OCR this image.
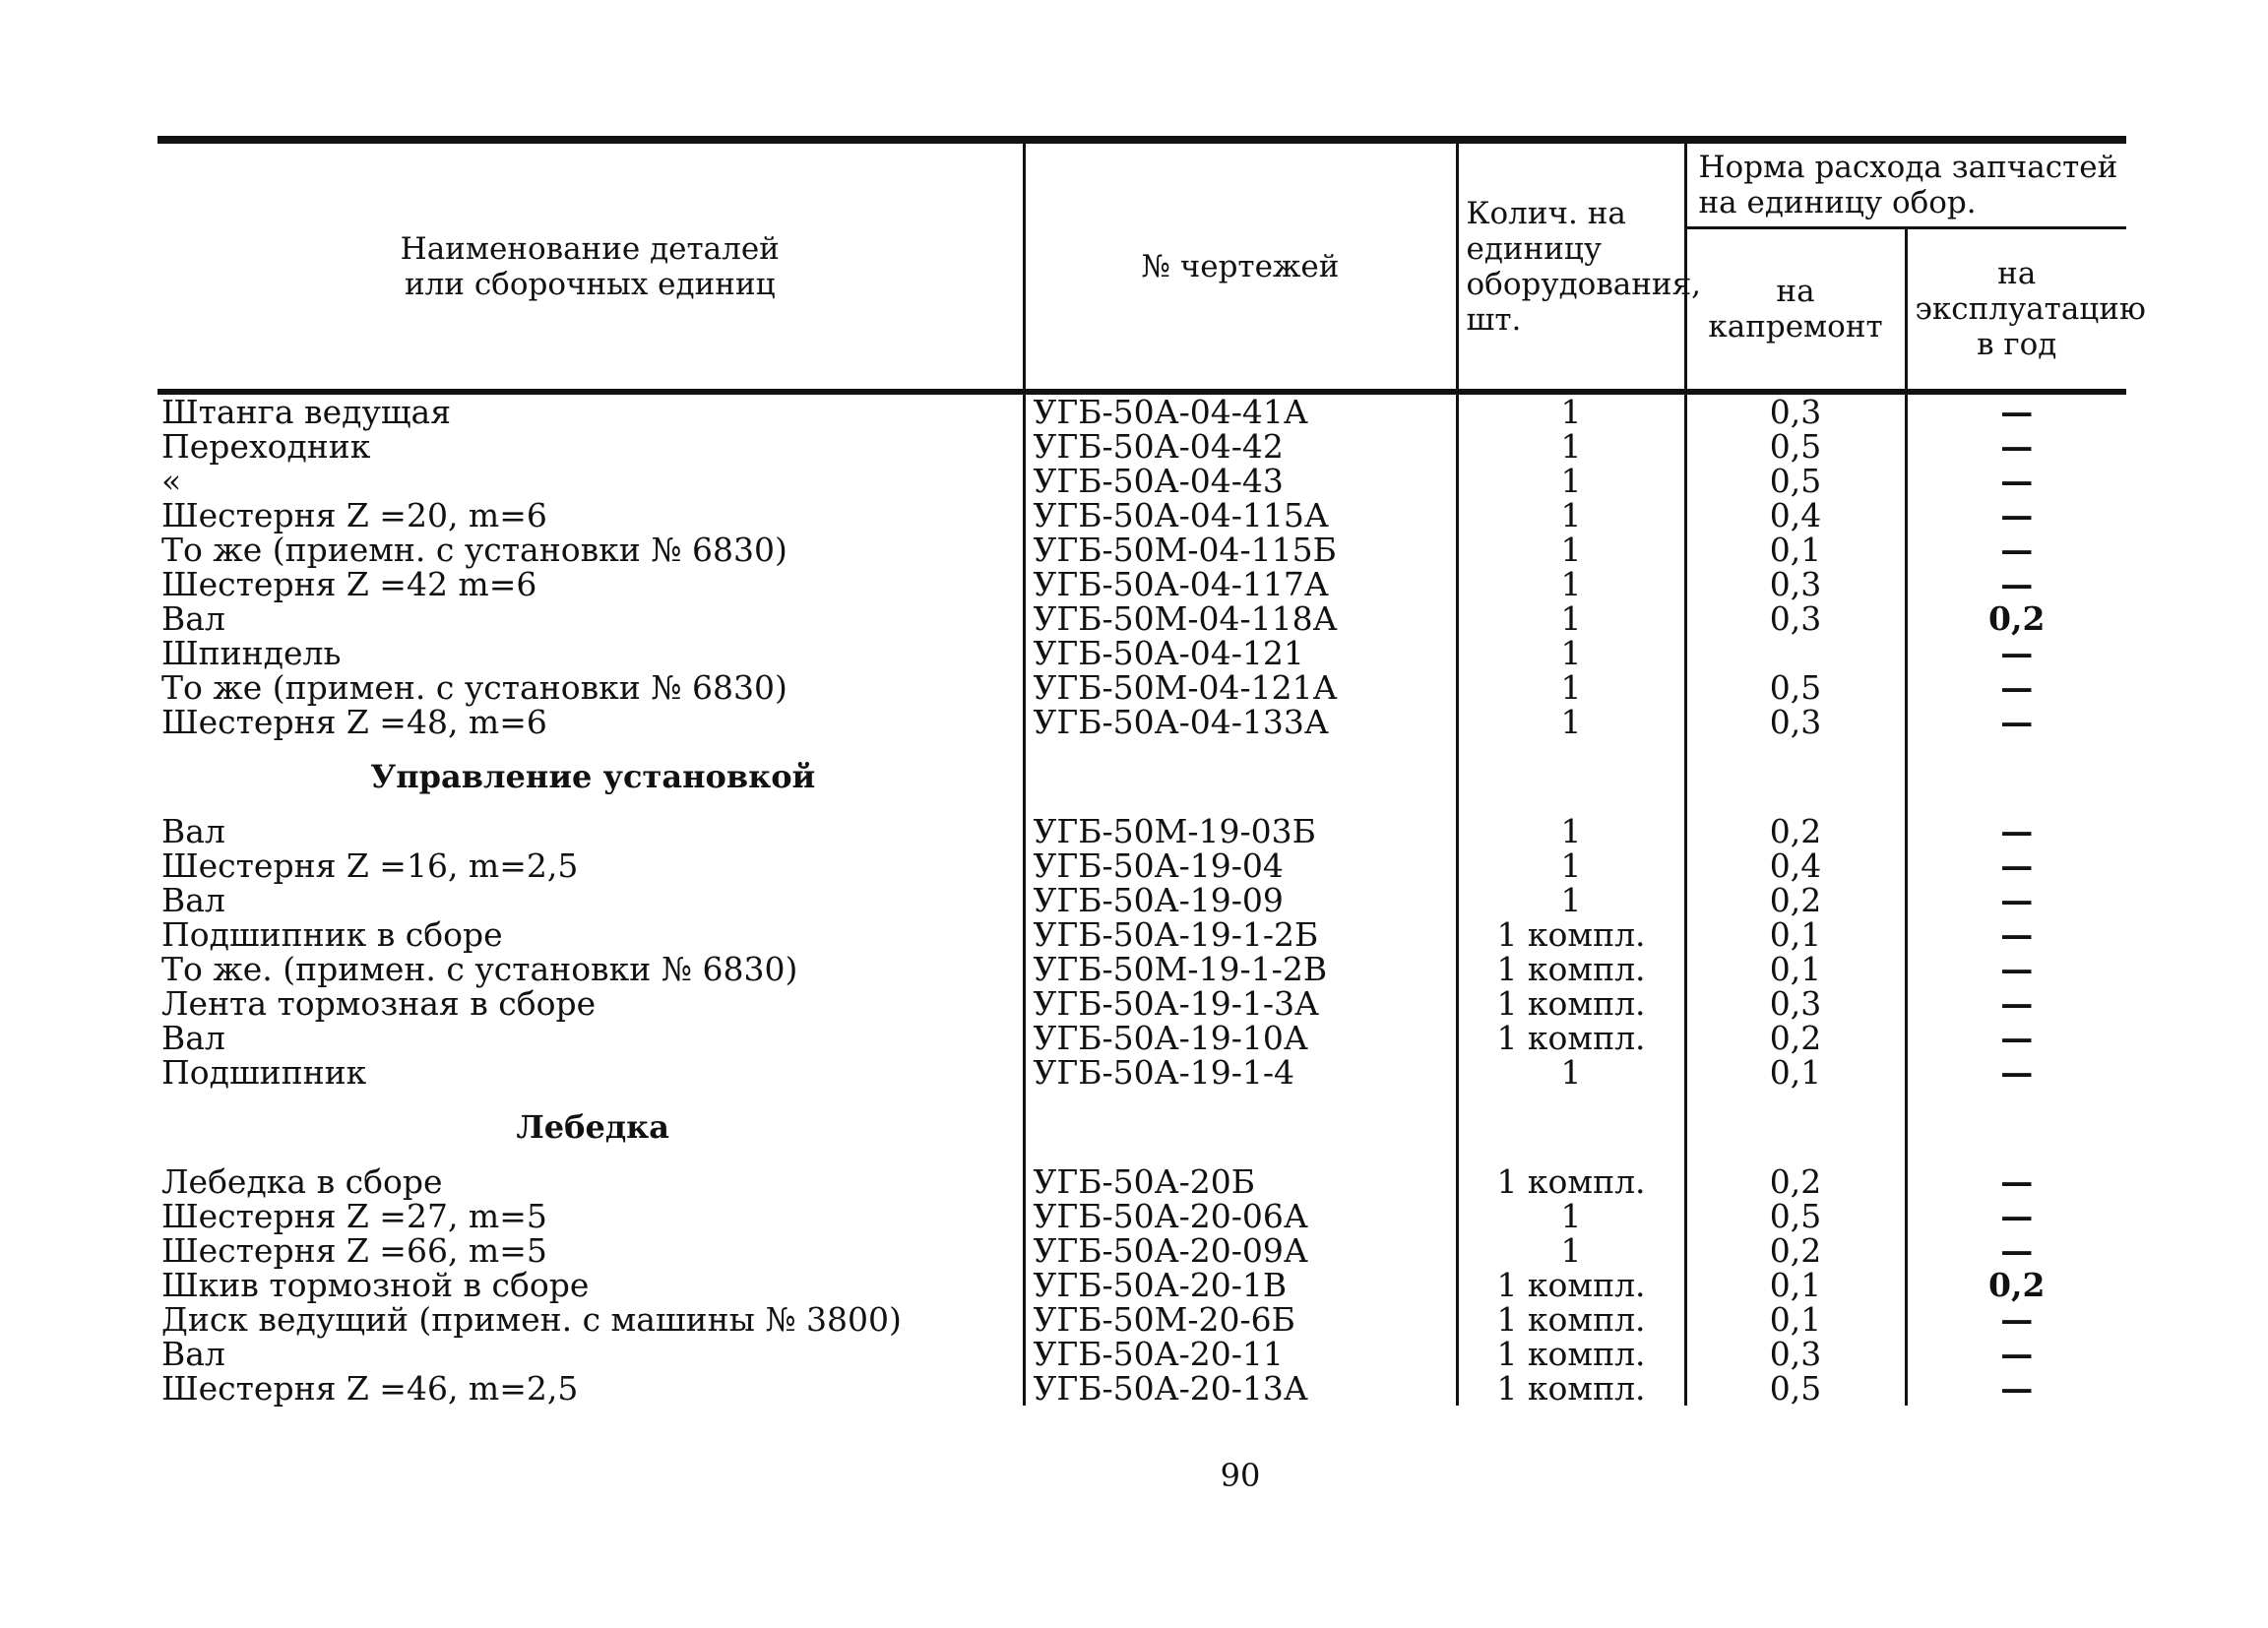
Наименование деталей
или сборочных единиц	№ чертежей	Колич. на единицу оборудования, шт.	Норма расхода запчастей на единицу обор.	
			на капремонт	на эксплуатацию в год

Штанга ведущая	УГБ-50А-04-41А	1	0,3	—
Переходник	УГБ-50А-04-42	1	0,5	—
«	УГБ-50А-04-43	1	0,5	—
Шестерня Z =20, m=6	УГБ-50А-04-115А	1	0,4	—
То же (приемн. с установки № 6830)	УГБ-50М-04-115Б	1	0,1	—
Шестерня Z =42 m=6	УГБ-50А-04-117А	1	0,3	—
Вал	УГБ-50М-04-118А	1	0,3	0,2
Шпиндель	УГБ-50А-04-121	1		—
То же (примен. с установки № 6830)	УГБ-50М-04-121А	1	0,5	—
Шестерня Z =48, m=6	УГБ-50А-04-133А	1	0,3	—
Управление установкой				
Вал	УГБ-50М-19-03Б	1	0,2	—
Шестерня Z =16, m=2,5	УГБ-50А-19-04	1	0,4	—
Вал	УГБ-50А-19-09	1	0,2	—
Подшипник в сборе	УГБ-50А-19-1-2Б	1 компл.	0,1	—
То же. (примен. с установки № 6830)	УГБ-50М-19-1-2В	1 компл.	0,1	—
Лента тормозная в сборе	УГБ-50А-19-1-3А	1 компл.	0,3	—
Вал	УГБ-50А-19-10А	1 компл.	0,2	—
Подшипник	УГБ-50А-19-1-4	1	0,1	—
Лебедка				
Лебедка в сборе	УГБ-50А-20Б	1 компл.	0,2	—
Шестерня Z =27, m=5	УГБ-50А-20-06А	1	0,5	—
Шестерня Z =66, m=5	УГБ-50А-20-09А	1	0,2	—
Шкив тормозной в сборе	УГБ-50А-20-1В	1 компл.	0,1	0,2
Диск ведущий (примен. с машины № 3800)	УГБ-50М-20-6Б	1 компл.	0,1	—
Вал	УГБ-50А-20-11	1 компл.	0,3	—
Шестерня Z =46, m=2,5	УГБ-50А-20-13А	1 компл.	0,5	—
90
